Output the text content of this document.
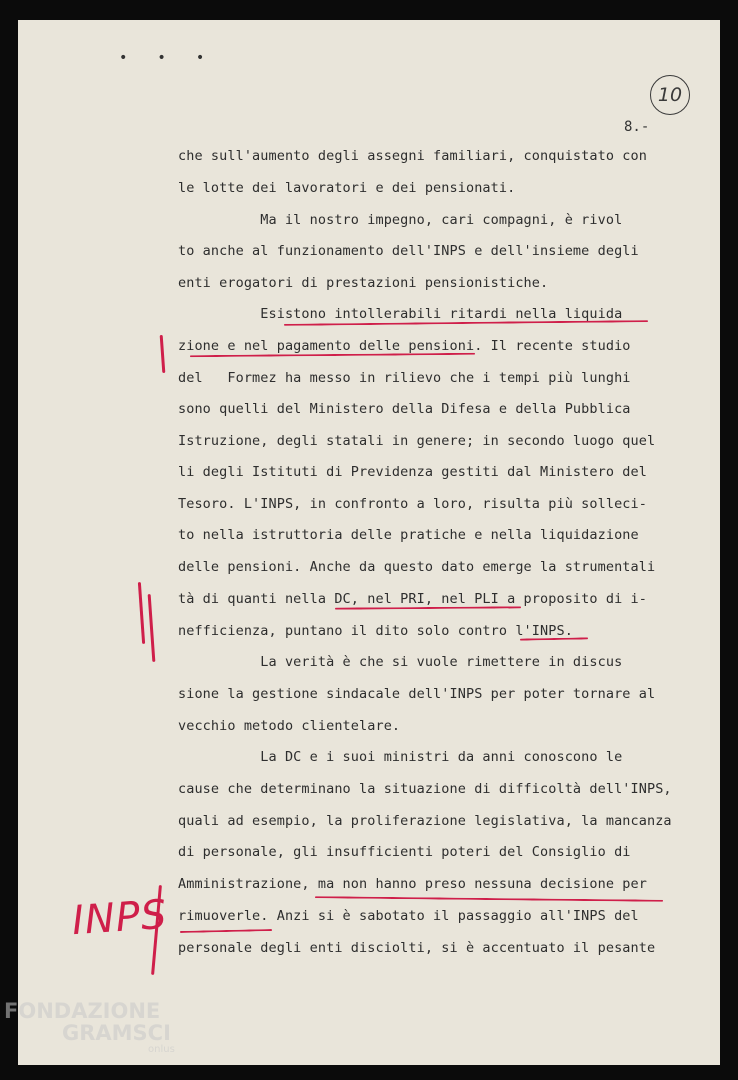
•••
10
8.-
che sull'aumento degli assegni familiari, conquistato con
le lotte dei lavoratori e dei pensionati.
Ma il nostro impegno, cari compagni, è rivol
to anche al funzionamento dell'INPS e dell'insieme degli
enti erogatori di prestazioni pensionistiche.
Esistono intollerabili ritardi nella liquida
zione e nel pagamento delle pensioni. Il recente studio
del   Formez ha messo in rilievo che i tempi più lunghi
sono quelli del Ministero della Difesa e della Pubblica
Istruzione, degli statali in genere; in secondo luogo quel
li degli Istituti di Previdenza gestiti dal Ministero del
Tesoro. L'INPS, in confronto a loro, risulta più solleci-
to nella istruttoria delle pratiche e nella liquidazione
delle pensioni. Anche da questo dato emerge la strumentali
tà di quanti nella DC, nel PRI, nel PLI a proposito di i-
nefficienza, puntano il dito solo contro l'INPS.
La verità è che si vuole rimettere in discus
sione la gestione sindacale dell'INPS per poter tornare al
vecchio metodo clientelare.
La DC e i suoi ministri da anni conoscono le
cause che determinano la situazione di difficoltà dell'INPS,
quali ad esempio, la proliferazione legislativa, la mancanza
di personale, gli insufficienti poteri del Consiglio di
Amministrazione, ma non hanno preso nessuna decisione per
rimuoverle. Anzi si è sabotato il passaggio all'INPS del
personale degli enti disciolti, si è accentuato il pesante
INPS
FONDAZIONE
GRAMSCI
onlus
